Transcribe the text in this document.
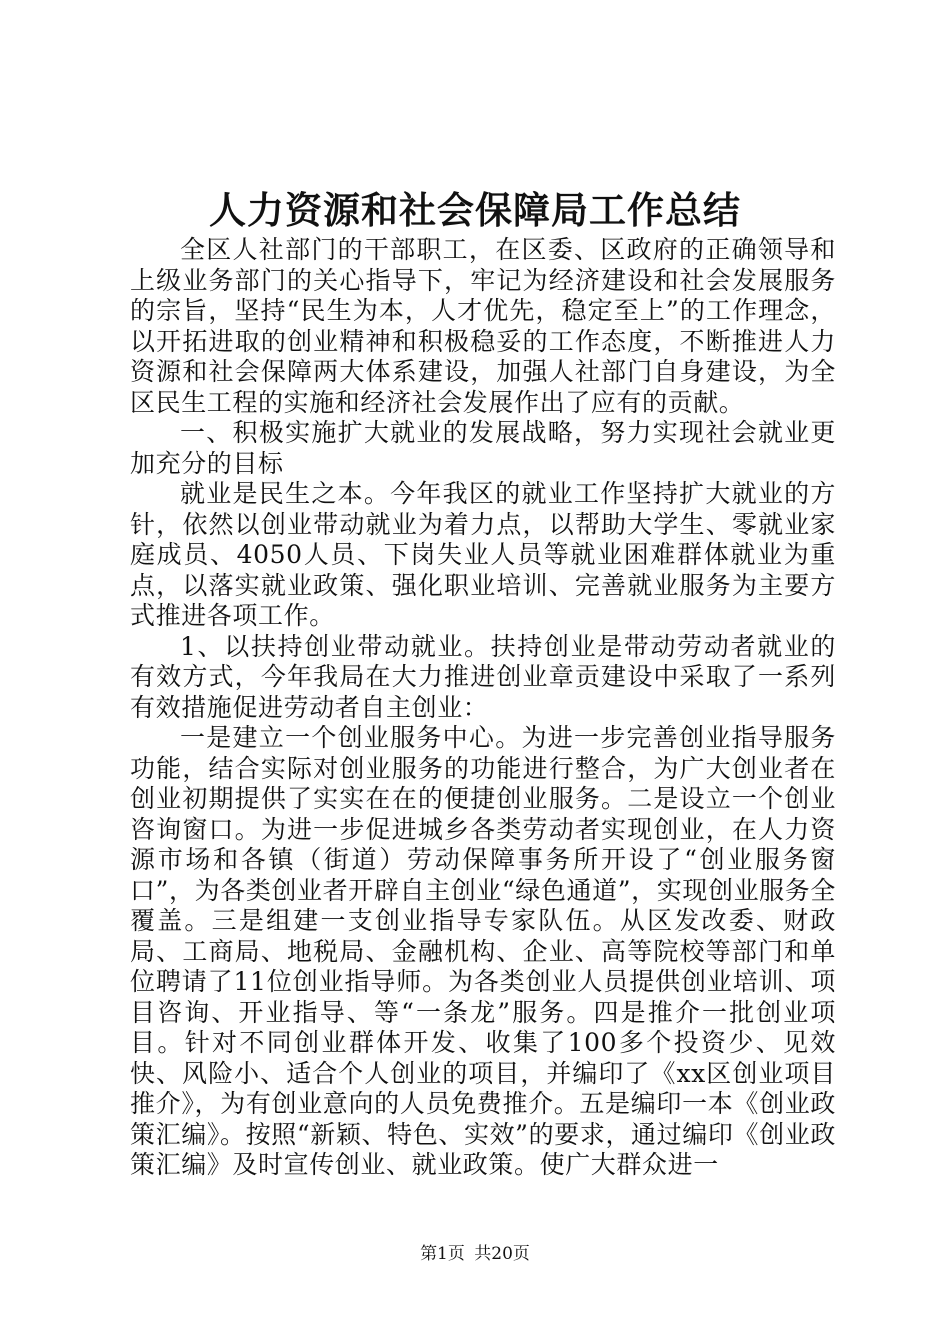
人力资源和社会保障局工作总结

全区人社部门的干部职工，在区委、区政府的正确领导和上级业务部门的关心指导下，牢记为经济建设和社会发展服务的宗旨，坚持“民生为本，人才优先，稳定至上”的工作理念，以开拓进取的创业精神和积极稳妥的工作态度，不断推进人力资源和社会保障两大体系建设，加强人社部门自身建设，为全区民生工程的实施和经济社会发展作出了应有的贡献。

一、积极实施扩大就业的发展战略，努力实现社会就业更加充分的目标

就业是民生之本。今年我区的就业工作坚持扩大就业的方针，依然以创业带动就业为着力点，以帮助大学生、零就业家庭成员、4050人员、下岗失业人员等就业困难群体就业为重点，以落实就业政策、强化职业培训、完善就业服务为主要方式推进各项工作。

1、以扶持创业带动就业。扶持创业是带动劳动者就业的有效方式，今年我局在大力推进创业章贡建设中采取了一系列有效措施促进劳动者自主创业：

一是建立一个创业服务中心。为进一步完善创业指导服务功能，结合实际对创业服务的功能进行整合，为广大创业者在创业初期提供了实实在在的便捷创业服务。二是设立一个创业咨询窗口。为进一步促进城乡各类劳动者实现创业，在人力资源市场和各镇（街道）劳动保障事务所开设了“创业服务窗口”，为各类创业者开辟自主创业“绿色通道”，实现创业服务全覆盖。三是组建一支创业指导专家队伍。从区发改委、财政局、工商局、地税局、金融机构、企业、高等院校等部门和单位聘请了11位创业指导师。为各类创业人员提供创业培训、项目咨询、开业指导、等“一条龙”服务。四是推介一批创业项目。针对不同创业群体开发、收集了100多个投资少、见效快、风险小、适合个人创业的项目，并编印了《xx区创业项目推介》，为有创业意向的人员免费推介。五是编印一本《创业政策汇编》。按照“新颖、特色、实效”的要求，通过编印《创业政策汇编》及时宣传创业、就业政策。使广大群众进一

第1页 共20页
